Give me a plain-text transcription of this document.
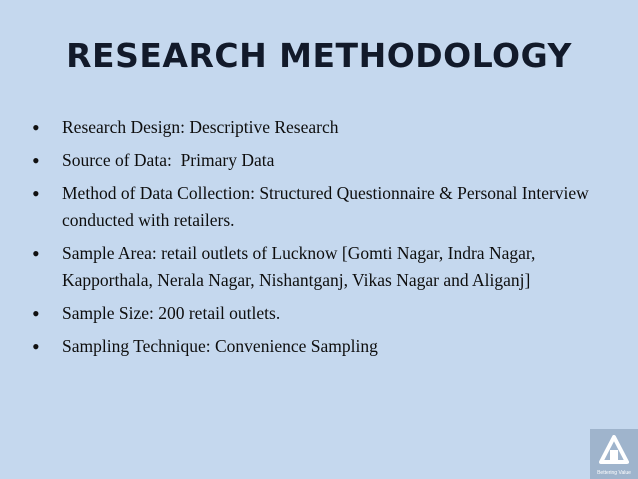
RESEARCH METHODOLOGY
• Research Design: Descriptive Research
• Source of Data:  Primary Data
• Method of Data Collection: Structured Questionnaire & Personal Interview conducted with retailers.
• Sample Area: retail outlets of Lucknow [Gomti Nagar, Indra Nagar, Kapporthala, Nerala Nagar, Nishantganj, Vikas Nagar and Aliganj]
• Sample Size: 200 retail outlets.
• Sampling Technique: Convenience Sampling
Bettering Value
